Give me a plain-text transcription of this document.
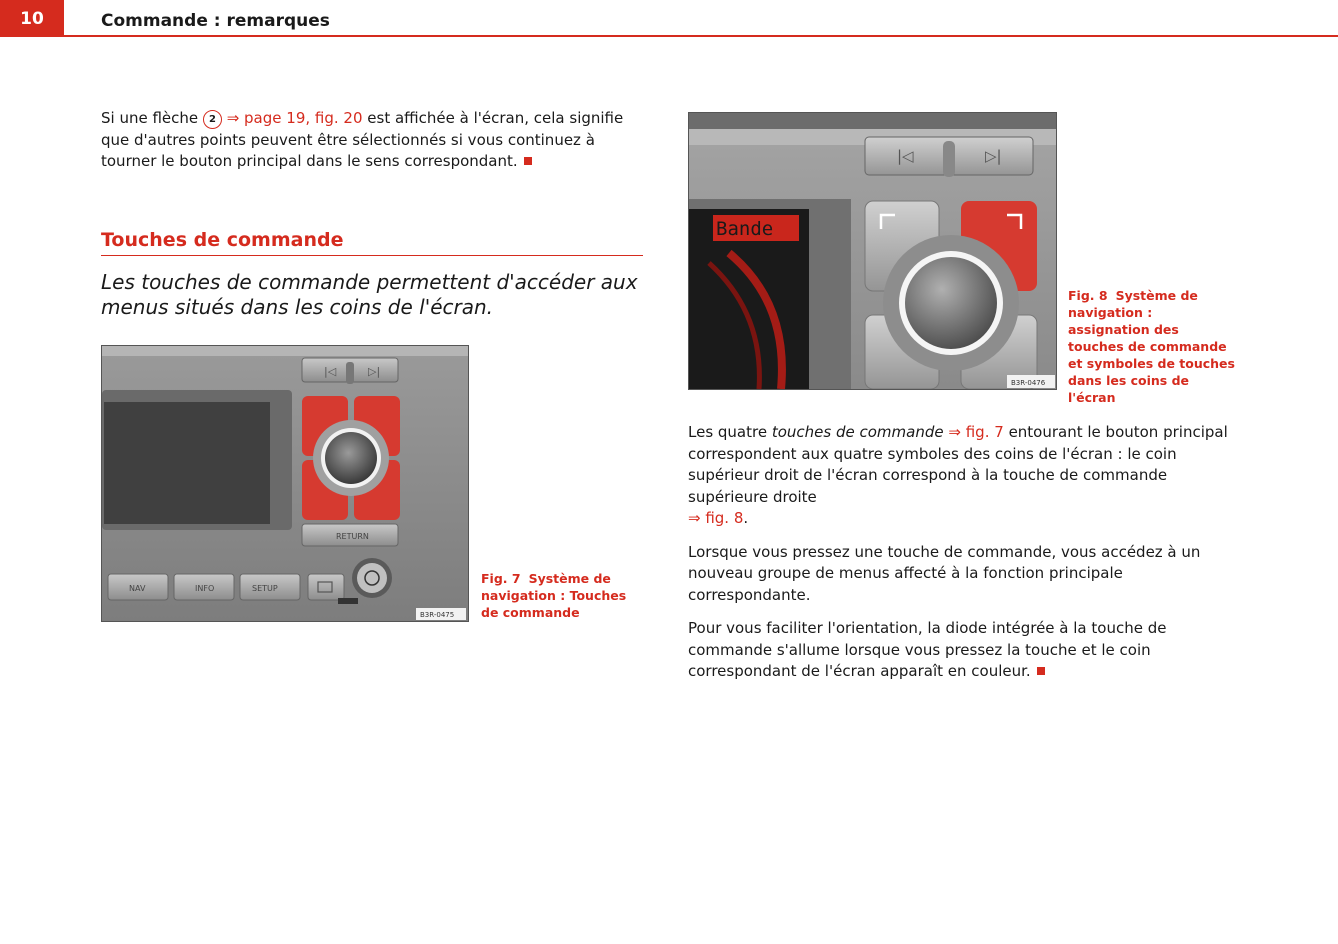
10	Commande : remarques
Si une flèche 2 ⇒ page 19, fig. 20 est affichée à l'écran, cela signifie que d'autres points peuvent être sélectionnés si vous continuez à tourner le bouton principal dans le sens correspondant.
Touches de commande
Les touches de commande permettent d'accéder aux menus situés dans les coins de l'écran.
|◁	▷|
RETURN
NAV	INFO	SETUP
B3R-0475
Fig. 7 Système de navigation : Touches de commande
Bande
|◁	▷|
B3R-0476
Fig. 8 Système de navigation : assignation des touches de commande et symboles de touches dans les coins de l'écran

Les quatre touches de commande ⇒ fig. 7 entourant le bouton principal correspondent aux quatre symboles des coins de l'écran : le coin supérieur droit de l'écran correspond à la touche de commande supérieure droite
⇒ fig. 8.

Lorsque vous pressez une touche de commande, vous accédez à un nouveau groupe de menus affecté à la fonction principale correspondante.

Pour vous faciliter l'orientation, la diode intégrée à la touche de commande s'allume lorsque vous pressez la touche et le coin correspondant de l'écran apparaît en couleur.
